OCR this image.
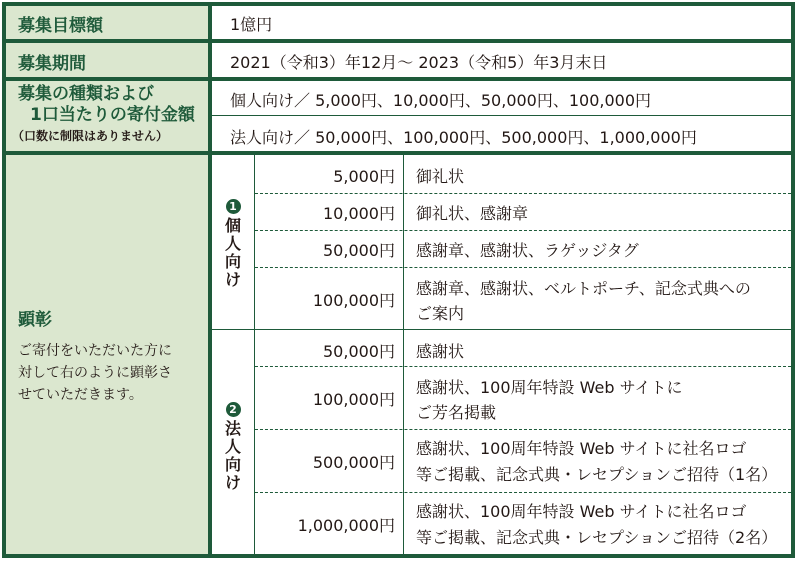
募集目標額	1億円
募集期間	2021（令和3）年12月～ 2023（令和5）年3月末日
募集の種類および
1口当たりの寄付金額
（口数に制限はありません）
個人向け／ 5,000円、10,000円、50,000円、100,000円
法人向け／ 50,000円、100,000円、500,000円、1,000,000円
顕彰
ご寄付をいただいた方に
対して右のように顕彰さ
せていただきます。
1
個
人
向
け
2
法
人
向
け
5,000円 御礼状
10,000円 御礼状、感謝章
50,000円 感謝章、感謝状、ラゲッジタグ
100,000円
感謝章、感謝状、ベルトポーチ、記念式典への
ご案内
50,000円 感謝状
100,000円
感謝状、100周年特設 Web サイトに
ご芳名掲載
500,000円
感謝状、100周年特設 Web サイトに社名ロゴ
等ご掲載、記念式典・レセプションご招待（1名）
1,000,000円
感謝状、100周年特設 Web サイトに社名ロゴ
等ご掲載、記念式典・レセプションご招待（2名）
